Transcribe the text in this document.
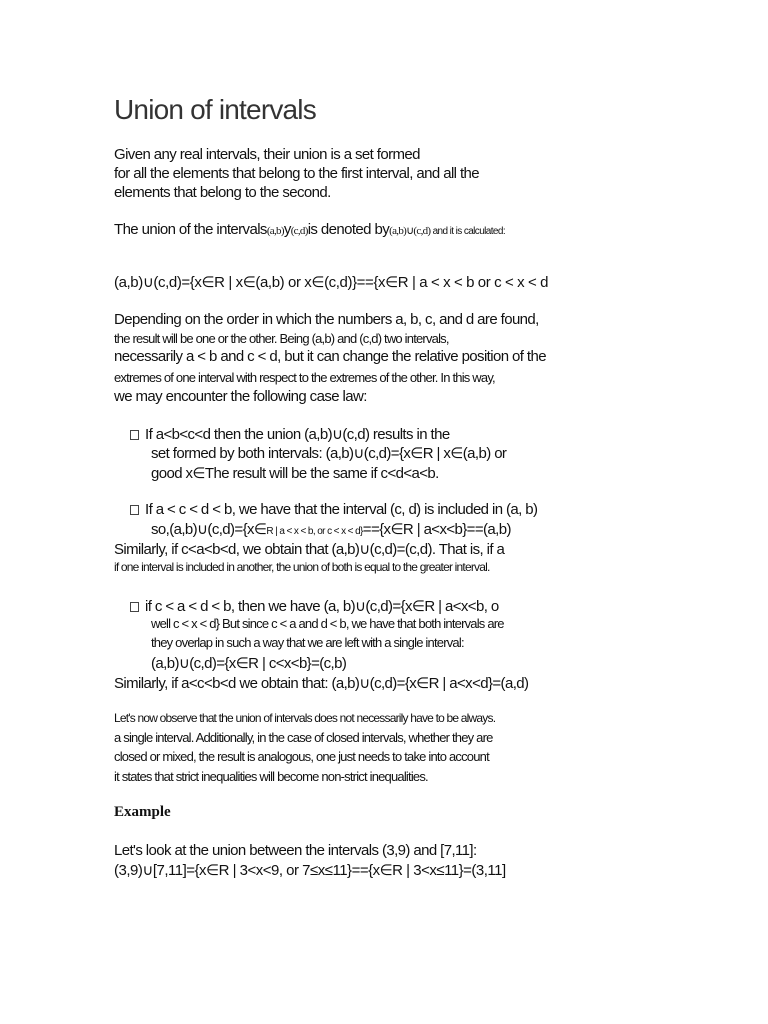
Union of intervals
Given any real intervals, their union is a set formed
for all the elements that belong to the first interval, and all the
elements that belong to the second.
The union of the intervals(a,b)y(c,d)is denoted by(a,b)∪(c,d) and it is calculated:
(a,b)∪(c,d)={x∈R | x∈(a,b) or x∈(c,d)}=={x∈R | a < x < b or c < x < d
Depending on the order in which the numbers a, b, c, and d are found,
the result will be one or the other. Being (a,b) and (c,d) two intervals,
necessarily a < b and c < d, but it can change the relative position of the
extremes of one interval with respect to the extremes of the other. In this way,
we may encounter the following case law:
If a<b<c<d then the union (a,b)∪(c,d) results in the
set formed by both intervals: (a,b)∪(c,d)={x∈R | x∈(a,b) or
good x∈The result will be the same if c<d<a<b.
If a < c < d < b, we have that the interval (c, d) is included in (a, b)
so,(a,b)∪(c,d)={x∈R | a < x < b, or c < x < d}=={x∈R | a<x<b}==(a,b)
Similarly, if c<a<b<d, we obtain that (a,b)∪(c,d)=(c,d). That is, if a
if one interval is included in another, the union of both is equal to the greater interval.
if c < a < d < b, then we have (a, b)∪(c,d)={x∈R | a<x<b, o
well c < x < d} But since c < a and d < b, we have that both intervals are
they overlap in such a way that we are left with a single interval:
(a,b)∪(c,d)={x∈R | c<x<b}=(c,b)
Similarly, if a<c<b<d we obtain that: (a,b)∪(c,d)={x∈R | a<x<d}=(a,d)
Let's now observe that the union of intervals does not necessarily have to be always.
a single interval. Additionally, in the case of closed intervals, whether they are
closed or mixed, the result is analogous, one just needs to take into account
it states that strict inequalities will become non-strict inequalities.
Example
Let's look at the union between the intervals (3,9) and [7,11]:
(3,9)∪[7,11]={x∈R | 3<x<9, or 7≤x≤11}=={x∈R | 3<x≤11}=(3,11]
